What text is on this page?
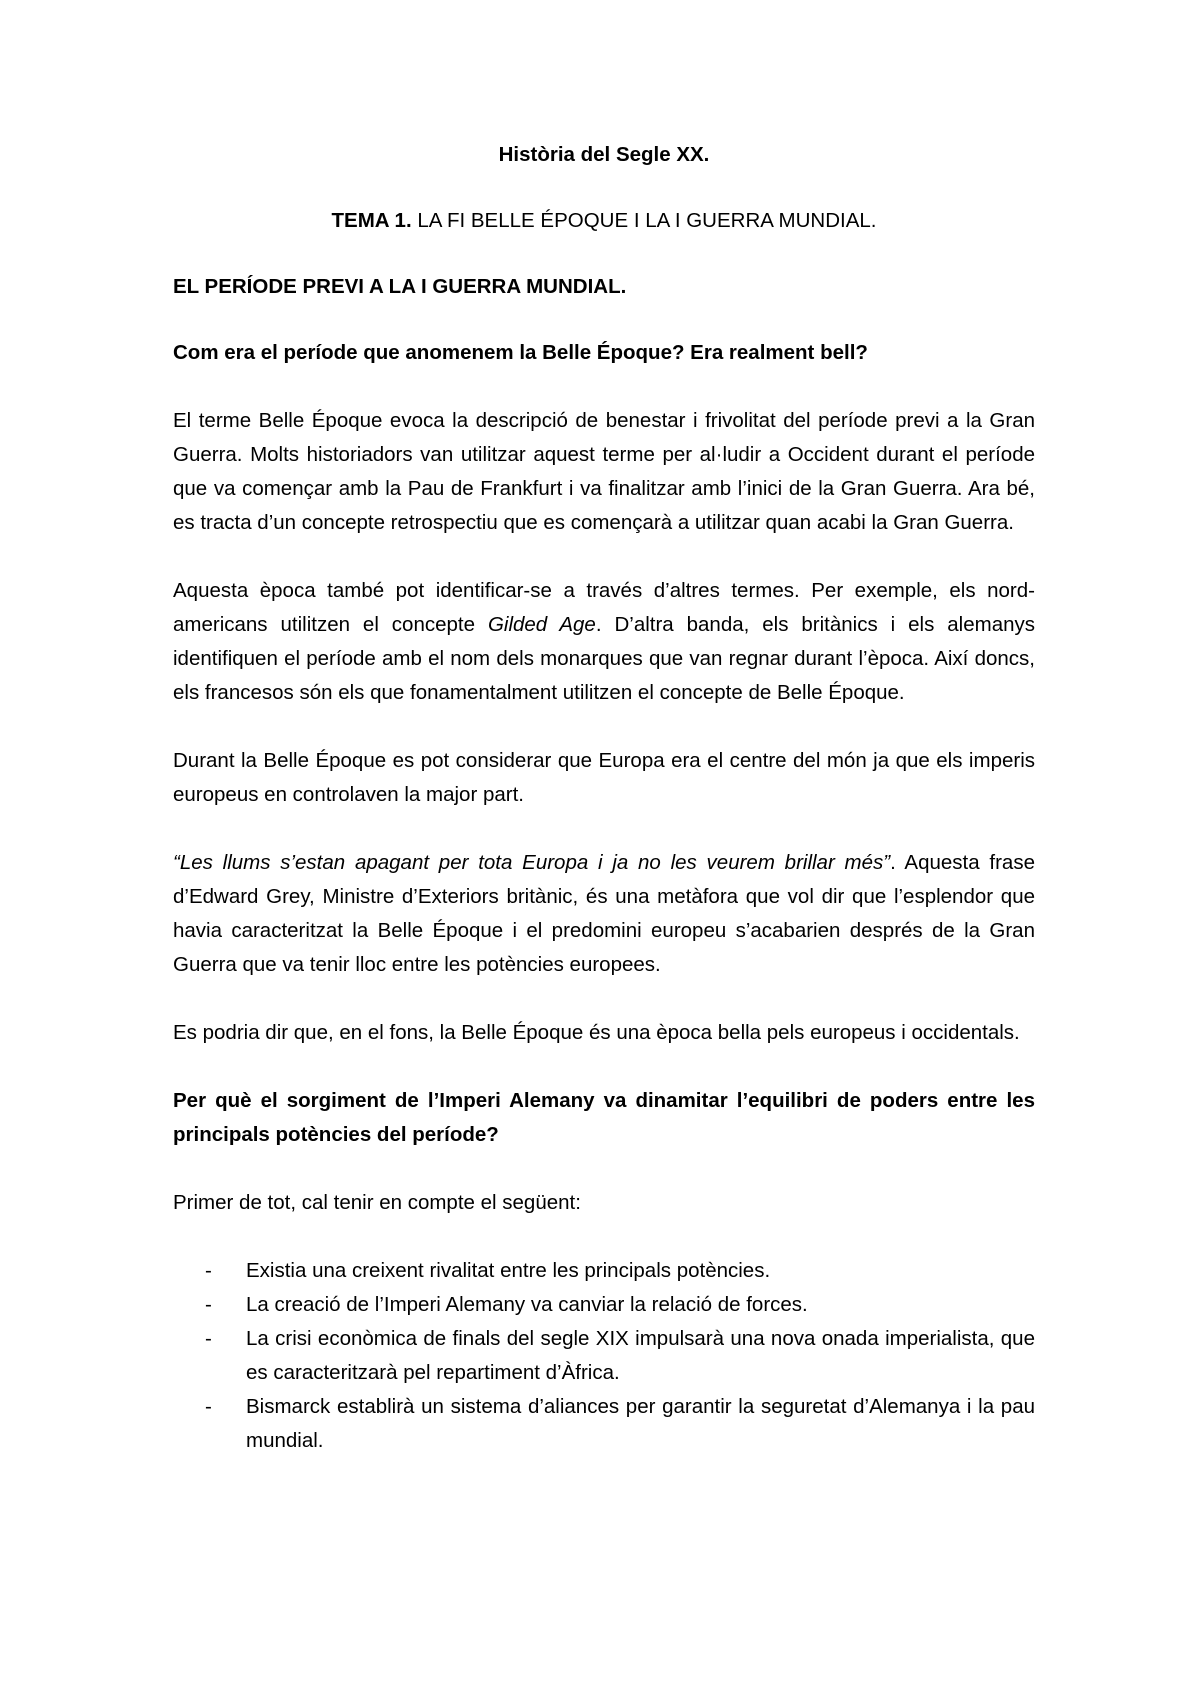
Història del Segle XX.

TEMA 1. LA FI BELLE ÉPOQUE I LA I GUERRA MUNDIAL.

EL PERÍODE PREVI A LA I GUERRA MUNDIAL.

Com era el període que anomenem la Belle Époque? Era realment bell?

El terme Belle Époque evoca la descripció de benestar i frivolitat del període previ a la Gran Guerra. Molts historiadors van utilitzar aquest terme per al·ludir a Occident durant el període que va començar amb la Pau de Frankfurt i va finalitzar amb l’inici de la Gran Guerra. Ara bé, es tracta d’un concepte retrospectiu que es començarà a utilitzar quan acabi la Gran Guerra.

Aquesta època també pot identificar-se a través d’altres termes. Per exemple, els nord-americans utilitzen el concepte Gilded Age. D’altra banda, els britànics i els alemanys identifiquen el període amb el nom dels monarques que van regnar durant l’època. Així doncs, els francesos són els que fonamentalment utilitzen el concepte de Belle Époque.

Durant la Belle Époque es pot considerar que Europa era el centre del món ja que els imperis europeus en controlaven la major part.

“Les llums s’estan apagant per tota Europa i ja no les veurem brillar més”. Aquesta frase d’Edward Grey, Ministre d’Exteriors britànic, és una metàfora que vol dir que l’esplendor que havia caracteritzat la Belle Époque i el predomini europeu s’acabarien després de la Gran Guerra que va tenir lloc entre les potències europees.

Es podria dir que, en el fons, la Belle Époque és una època bella pels europeus i occidentals.

Per què el sorgiment de l’Imperi Alemany va dinamitar l’equilibri de poders entre les principals potències del període?

Primer de tot, cal tenir en compte el següent:

- Existia una creixent rivalitat entre les principals potències.
- La creació de l’Imperi Alemany va canviar la relació de forces.
- La crisi econòmica de finals del segle XIX impulsarà una nova onada imperialista, que es caracteritzarà pel repartiment d’Àfrica.
- Bismarck establirà un sistema d’aliances per garantir la seguretat d’Alemanya i la pau mundial.
